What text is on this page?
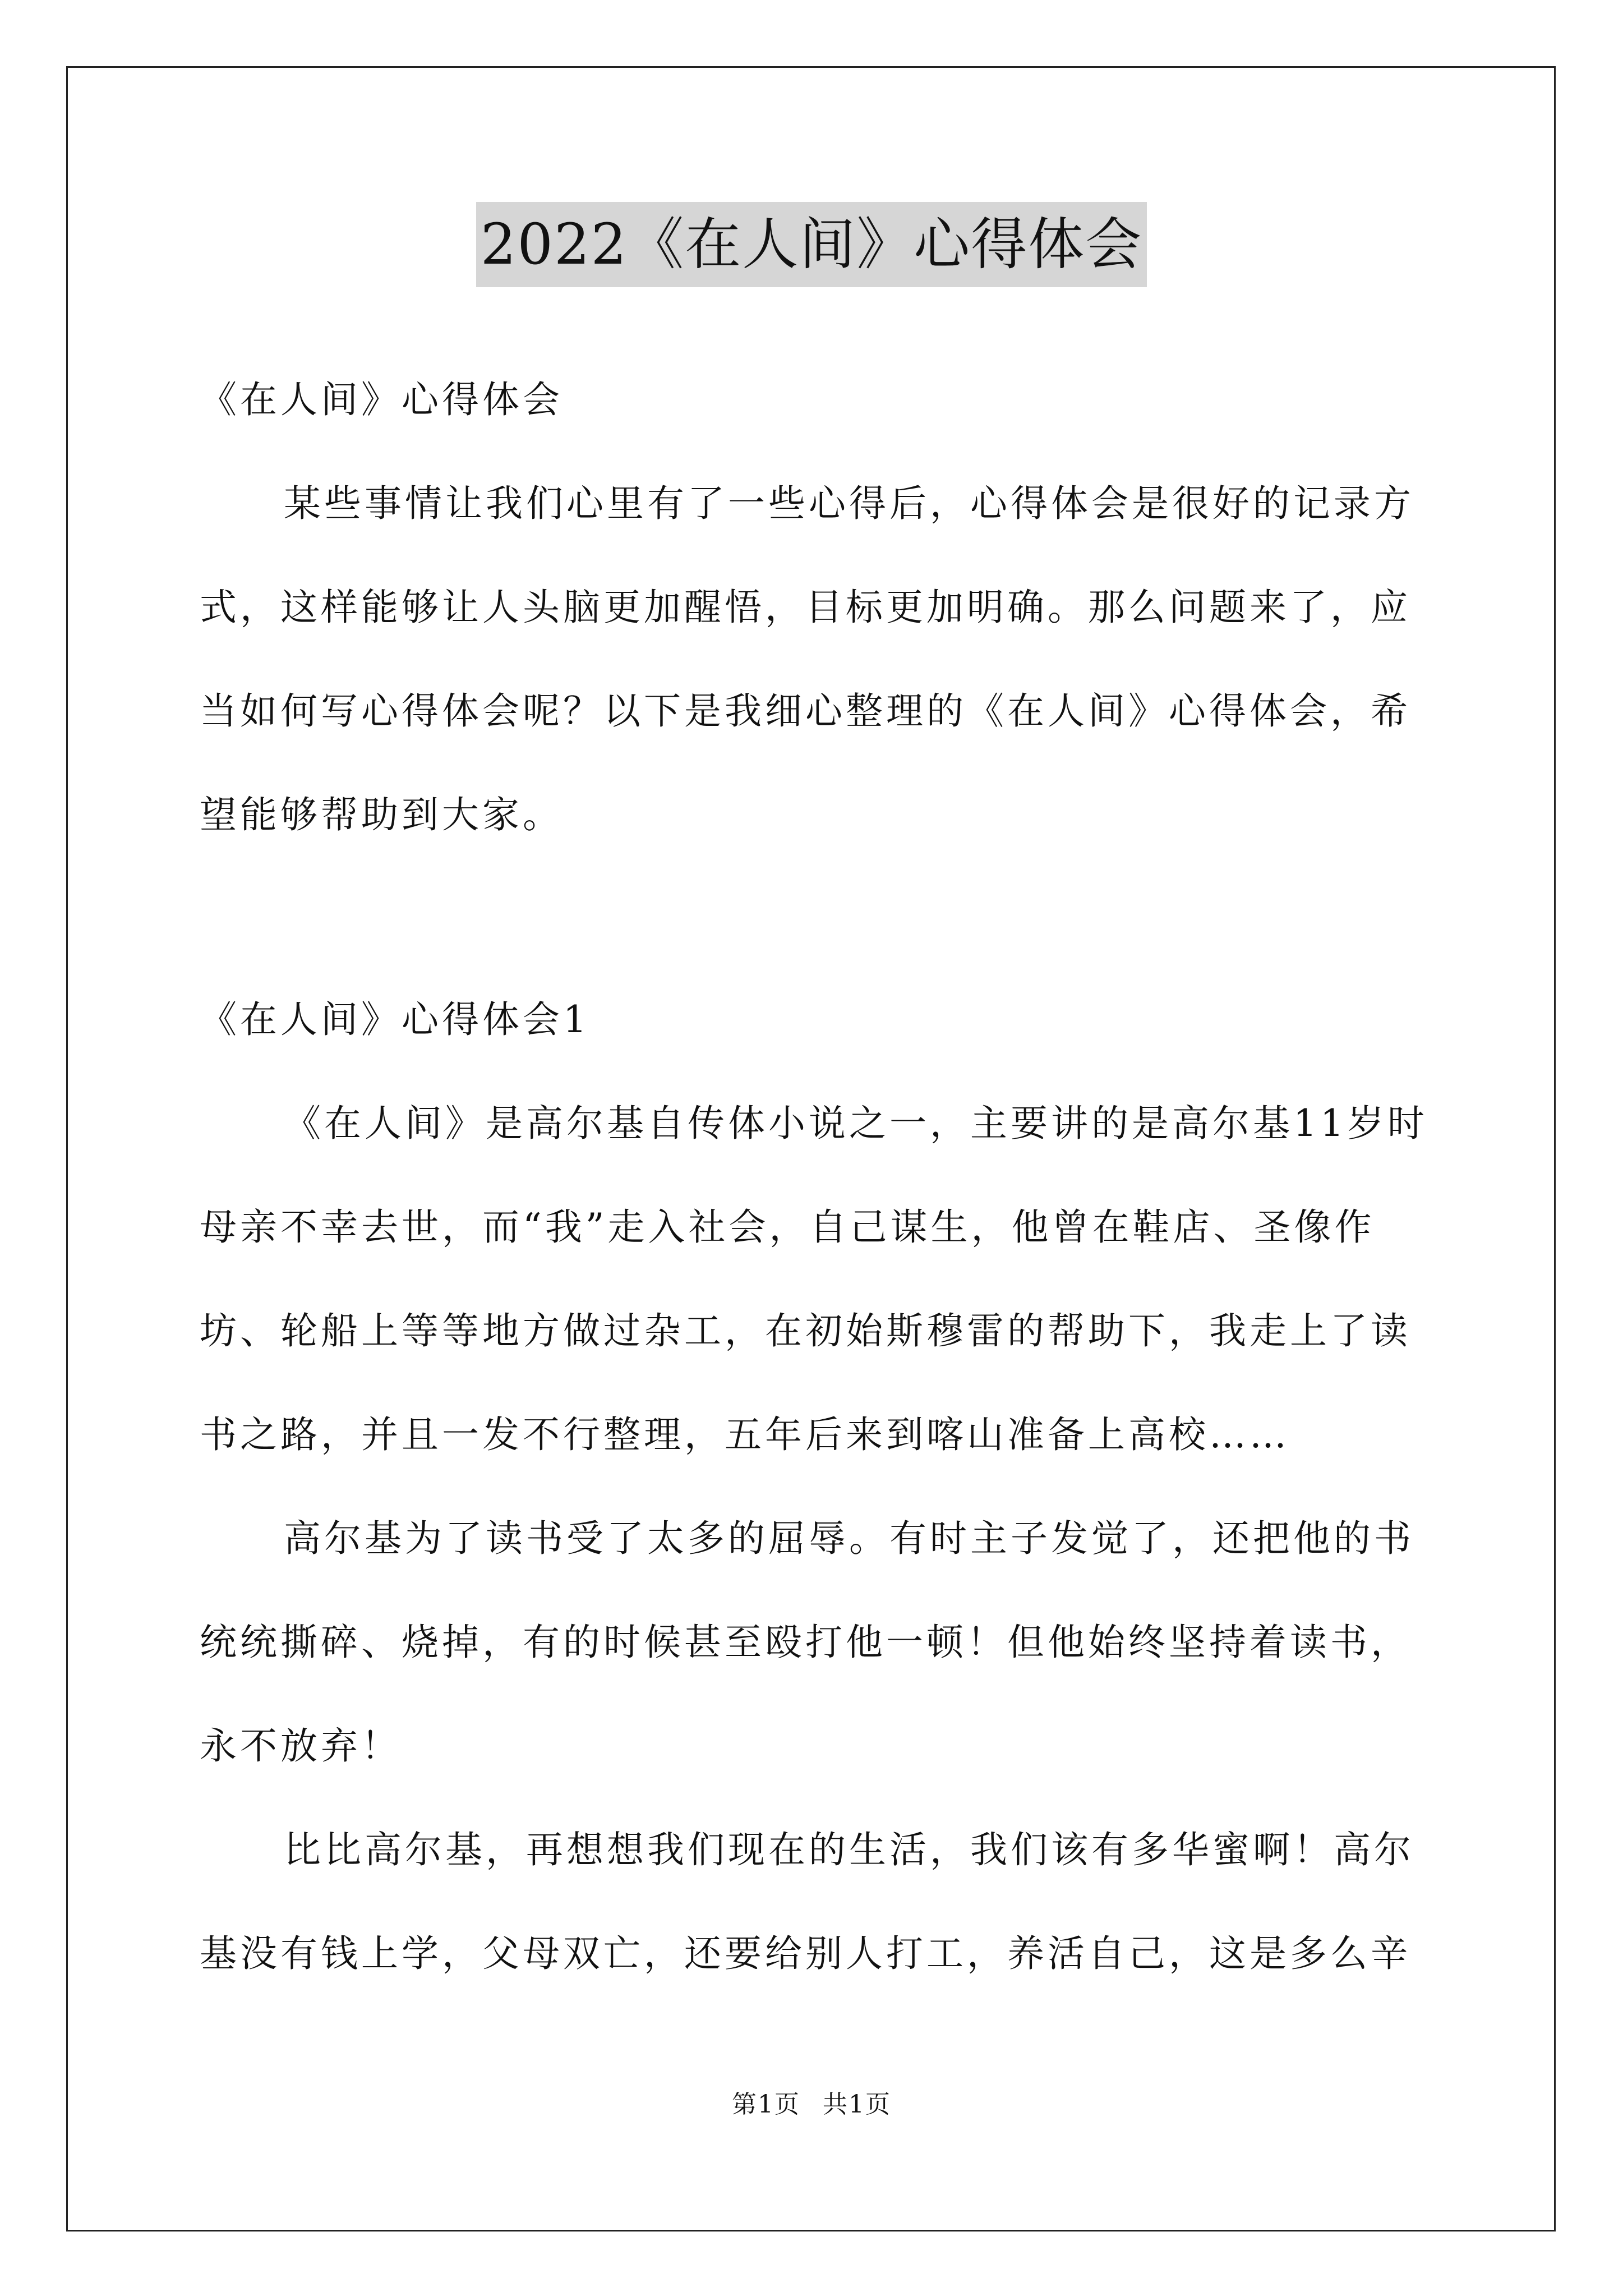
2022《在人间》心得体会
《在人间》心得体会
某些事情让我们心里有了一些心得后，心得体会是很好的记录方
式，这样能够让人头脑更加醒悟，目标更加明确。那么问题来了，应
当如何写心得体会呢？以下是我细心整理的《在人间》心得体会，希
望能够帮助到大家。
《在人间》心得体会1
《在人间》是高尔基自传体小说之一，主要讲的是高尔基11岁时
母亲不幸去世，而“我”走入社会，自己谋生，他曾在鞋店、圣像作
坊、轮船上等等地方做过杂工，在初始斯穆雷的帮助下，我走上了读
书之路，并且一发不行整理，五年后来到喀山准备上高校……
高尔基为了读书受了太多的屈辱。有时主子发觉了，还把他的书
统统撕碎、烧掉，有的时候甚至殴打他一顿！但他始终坚持着读书，
永不放弃！
比比高尔基，再想想我们现在的生活，我们该有多华蜜啊！高尔
基没有钱上学，父母双亡，还要给别人打工，养活自己，这是多么辛
第1页 共1页
